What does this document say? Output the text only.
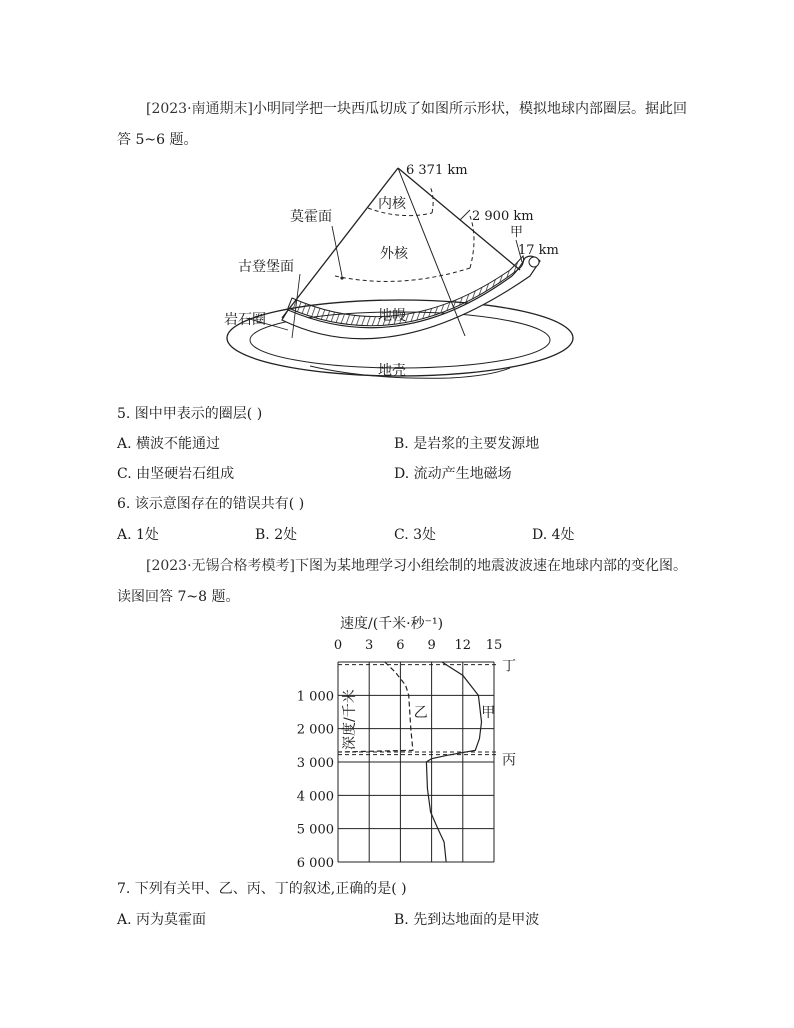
[2023·南通期末]小明同学把一块西瓜切成了如图所示形状，模拟地球内部圈层。据此回
答 5~6 题。
6 371 km
内核
2 900 km
莫霍面
甲
17 km
外核
古登堡面
地幔
岩石圈
地壳
5. 图中甲表示的圈层( )
A. 横波不能通过	B. 是岩浆的主要发源地
C. 由坚硬岩石组成	D. 流动产生地磁场
6. 该示意图存在的错误共有( )
A. 1处	B. 2处	C. 3处	D. 4处
[2023·无锡合格考模考]下图为某地理学习小组绘制的地震波波速在地球内部的变化图。
读图回答 7~8 题。
速度/(千米·秒⁻¹)
0 3 6 9 12 15
1 000
2 000
3 000
4 000
5 000
6 000
丁
丙
甲
乙
深度/千米
7. 下列有关甲、乙、丙、丁的叙述,正确的是( )
A. 丙为莫霍面	B. 先到达地面的是甲波
